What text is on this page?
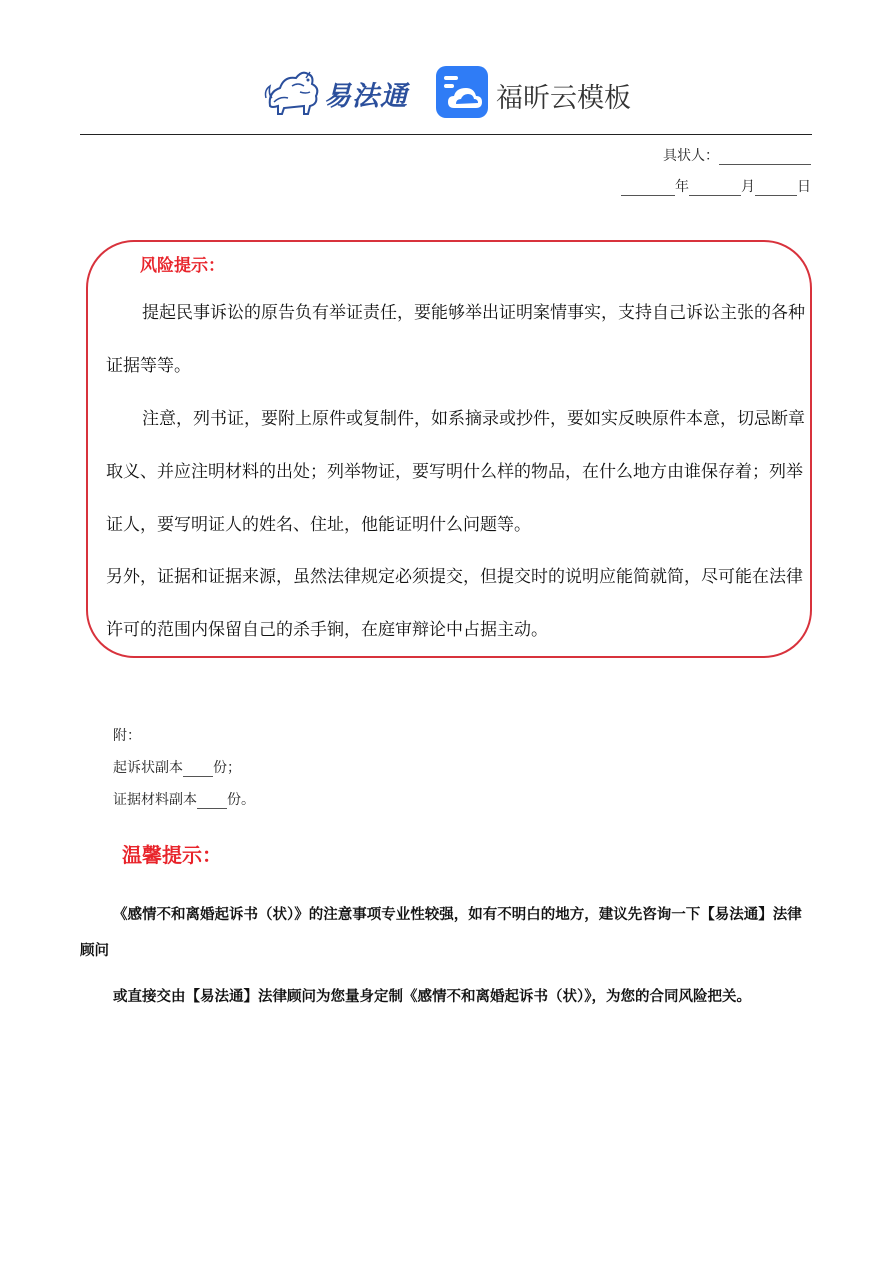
易法通	福昕云模板
具状人：
年	月	日
风险提示：

提起民事诉讼的原告负有举证责任，要能够举出证明案情事实，支持自己诉讼主张的各种证据等等。

注意，列书证，要附上原件或复制件，如系摘录或抄件，要如实反映原件本意，切忌断章取义、并应注明材料的出处；列举物证，要写明什么样的物品，在什么地方由谁保存着；列举证人，要写明证人的姓名、住址，他能证明什么问题等。

另外，证据和证据来源，虽然法律规定必须提交，但提交时的说明应能简就简，尽可能在法律许可的范围内保留自己的杀手锏，在庭审辩论中占据主动。

附：
起诉状副本 份；
证据材料副本 份。
温馨提示：

《感情不和离婚起诉书（状）》的注意事项专业性较强，如有不明白的地方，建议先咨询一下【易法通】法律顾问

或直接交由【易法通】法律顾问为您量身定制《感情不和离婚起诉书（状）》，为您的合同风险把关。
